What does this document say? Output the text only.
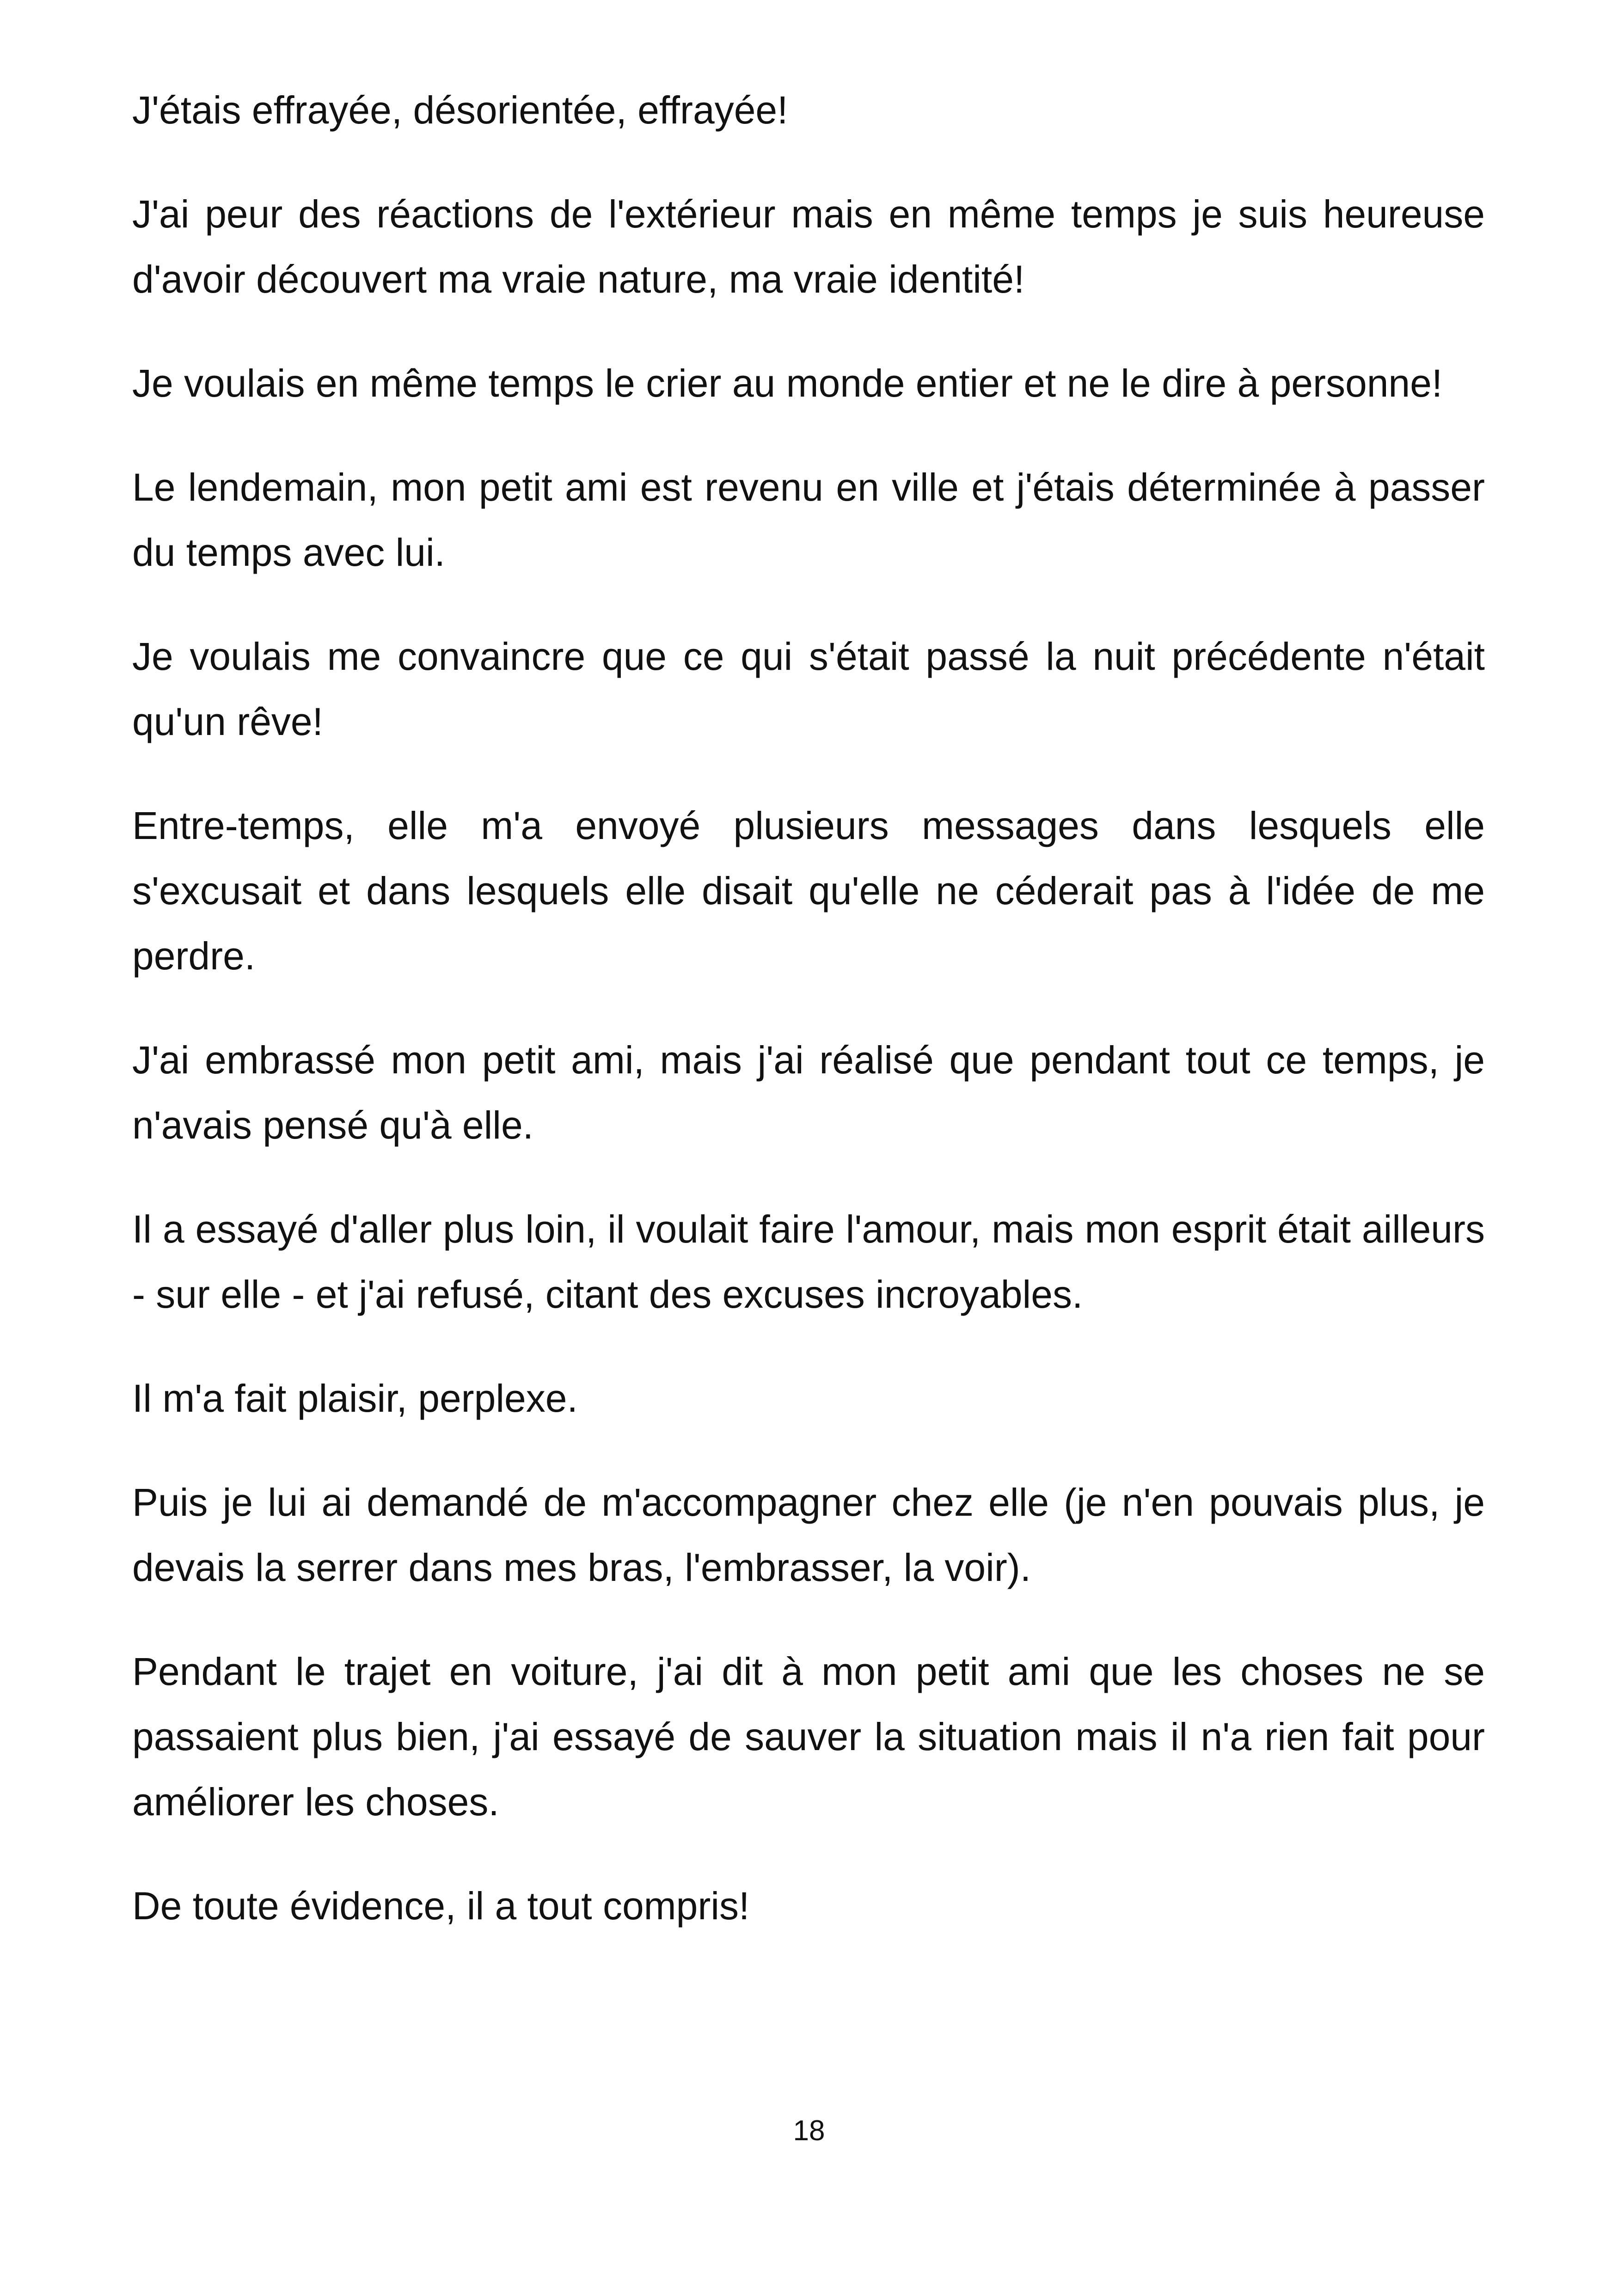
J'étais effrayée, désorientée, effrayée!

J'ai peur des réactions de l'extérieur mais en même temps je suis heureuse d'avoir découvert ma vraie nature, ma vraie identité!

Je voulais en même temps le crier au monde entier et ne le dire à personne!

Le lendemain, mon petit ami est revenu en ville et j'étais déterminée à passer du temps avec lui.

Je voulais me convaincre que ce qui s'était passé la nuit précédente n'était qu'un rêve!

Entre-temps, elle m'a envoyé plusieurs messages dans lesquels elle s'excusait et dans lesquels elle disait qu'elle ne céderait pas à l'idée de me perdre.

J'ai embrassé mon petit ami, mais j'ai réalisé que pendant tout ce temps, je n'avais pensé qu'à elle.

Il a essayé d'aller plus loin, il voulait faire l'amour, mais mon esprit était ailleurs - sur elle - et j'ai refusé, citant des excuses incroyables.

Il m'a fait plaisir, perplexe.

Puis je lui ai demandé de m'accompagner chez elle (je n'en pouvais plus, je devais la serrer dans mes bras, l'embrasser, la voir).

Pendant le trajet en voiture, j'ai dit à mon petit ami que les choses ne se passaient plus bien, j'ai essayé de sauver la situation mais il n'a rien fait pour améliorer les choses.

De toute évidence, il a tout compris!

18
